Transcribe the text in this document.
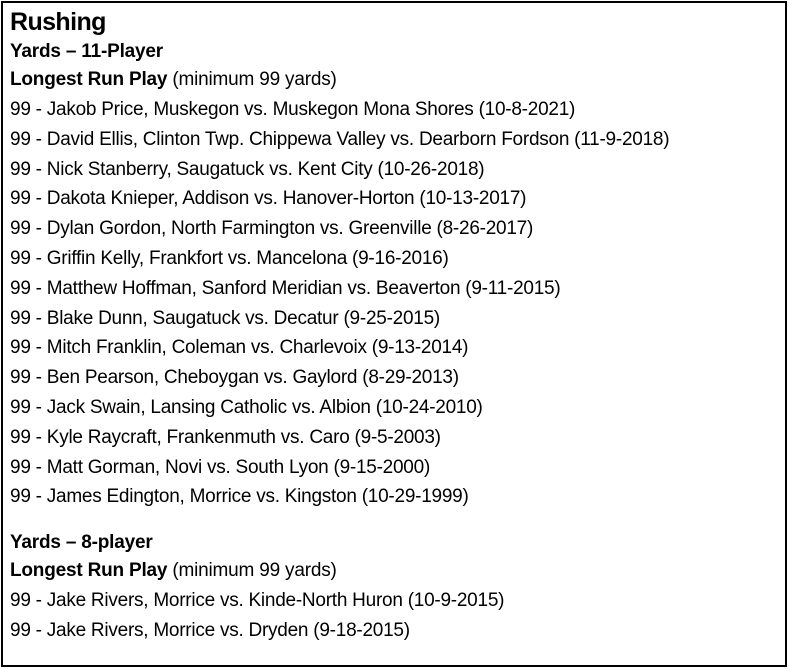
Rushing
Yards – 11-Player
Longest Run Play (minimum 99 yards)
99 - Jakob Price, Muskegon vs. Muskegon Mona Shores (10-8-2021)
99 - David Ellis, Clinton Twp. Chippewa Valley vs. Dearborn Fordson (11-9-2018)
99 - Nick Stanberry, Saugatuck vs. Kent City (10-26-2018)
99 - Dakota Knieper, Addison vs. Hanover-Horton (10-13-2017)
99 - Dylan Gordon, North Farmington vs. Greenville (8-26-2017)
99 - Griffin Kelly, Frankfort vs. Mancelona (9-16-2016)
99 - Matthew Hoffman, Sanford Meridian vs. Beaverton (9-11-2015)
99 - Blake Dunn, Saugatuck vs. Decatur (9-25-2015)
99 - Mitch Franklin, Coleman vs. Charlevoix (9-13-2014)
99 - Ben Pearson, Cheboygan vs. Gaylord (8-29-2013)
99 - Jack Swain, Lansing Catholic vs. Albion (10-24-2010)
99 - Kyle Raycraft, Frankenmuth vs. Caro (9-5-2003)
99 - Matt Gorman, Novi vs. South Lyon (9-15-2000)
99 - James Edington, Morrice vs. Kingston (10-29-1999)
Yards – 8-player
Longest Run Play (minimum 99 yards)
99 - Jake Rivers, Morrice vs. Kinde-North Huron (10-9-2015)
99 - Jake Rivers, Morrice vs. Dryden (9-18-2015)
